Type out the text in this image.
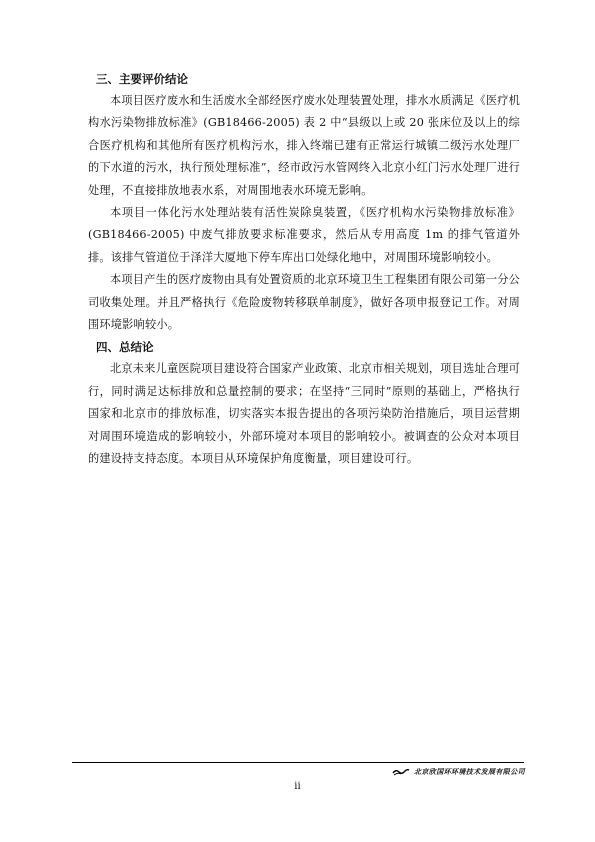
三、主要评价结论

本项目医疗废水和生活废水全部经医疗废水处理装置处理，排水水质满足《医疗机构水污染物排放标准》(GB18466-2005) 表 2 中“县级以上或 20 张床位及以上的综合医疗机构和其他所有医疗机构污水，排入终端已建有正常运行城镇二级污水处理厂的下水道的污水，执行预处理标准”，经市政污水管网终入北京小红门污水处理厂进行处理，不直接排放地表水系，对周围地表水环境无影响。

本项目一体化污水处理站装有活性炭除臭装置，《医疗机构水污染物排放标准》(GB18466-2005) 中废气排放要求标准要求，然后从专用高度 1m 的排气管道外排。该排气管道位于泽洋大厦地下停车库出口处绿化地中，对周围环境影响较小。

本项目产生的医疗废物由具有处置资质的北京环境卫生工程集团有限公司第一分公司收集处理。并且严格执行《危险废物转移联单制度》，做好各项申报登记工作。对周围环境影响较小。

四、总结论

北京未来儿童医院项目建设符合国家产业政策、北京市相关规划，项目选址合理可行，同时满足达标排放和总量控制的要求；在坚持“三同时”原则的基础上，严格执行国家和北京市的排放标准，切实落实本报告提出的各项污染防治措施后，项目运营期对周围环境造成的影响较小，外部环境对本项目的影响较小。被调查的公众对本项目的建设持支持态度。本项目从环境保护角度衡量，项目建设可行。

北京欣国环环境技术发展有限公司
ii
